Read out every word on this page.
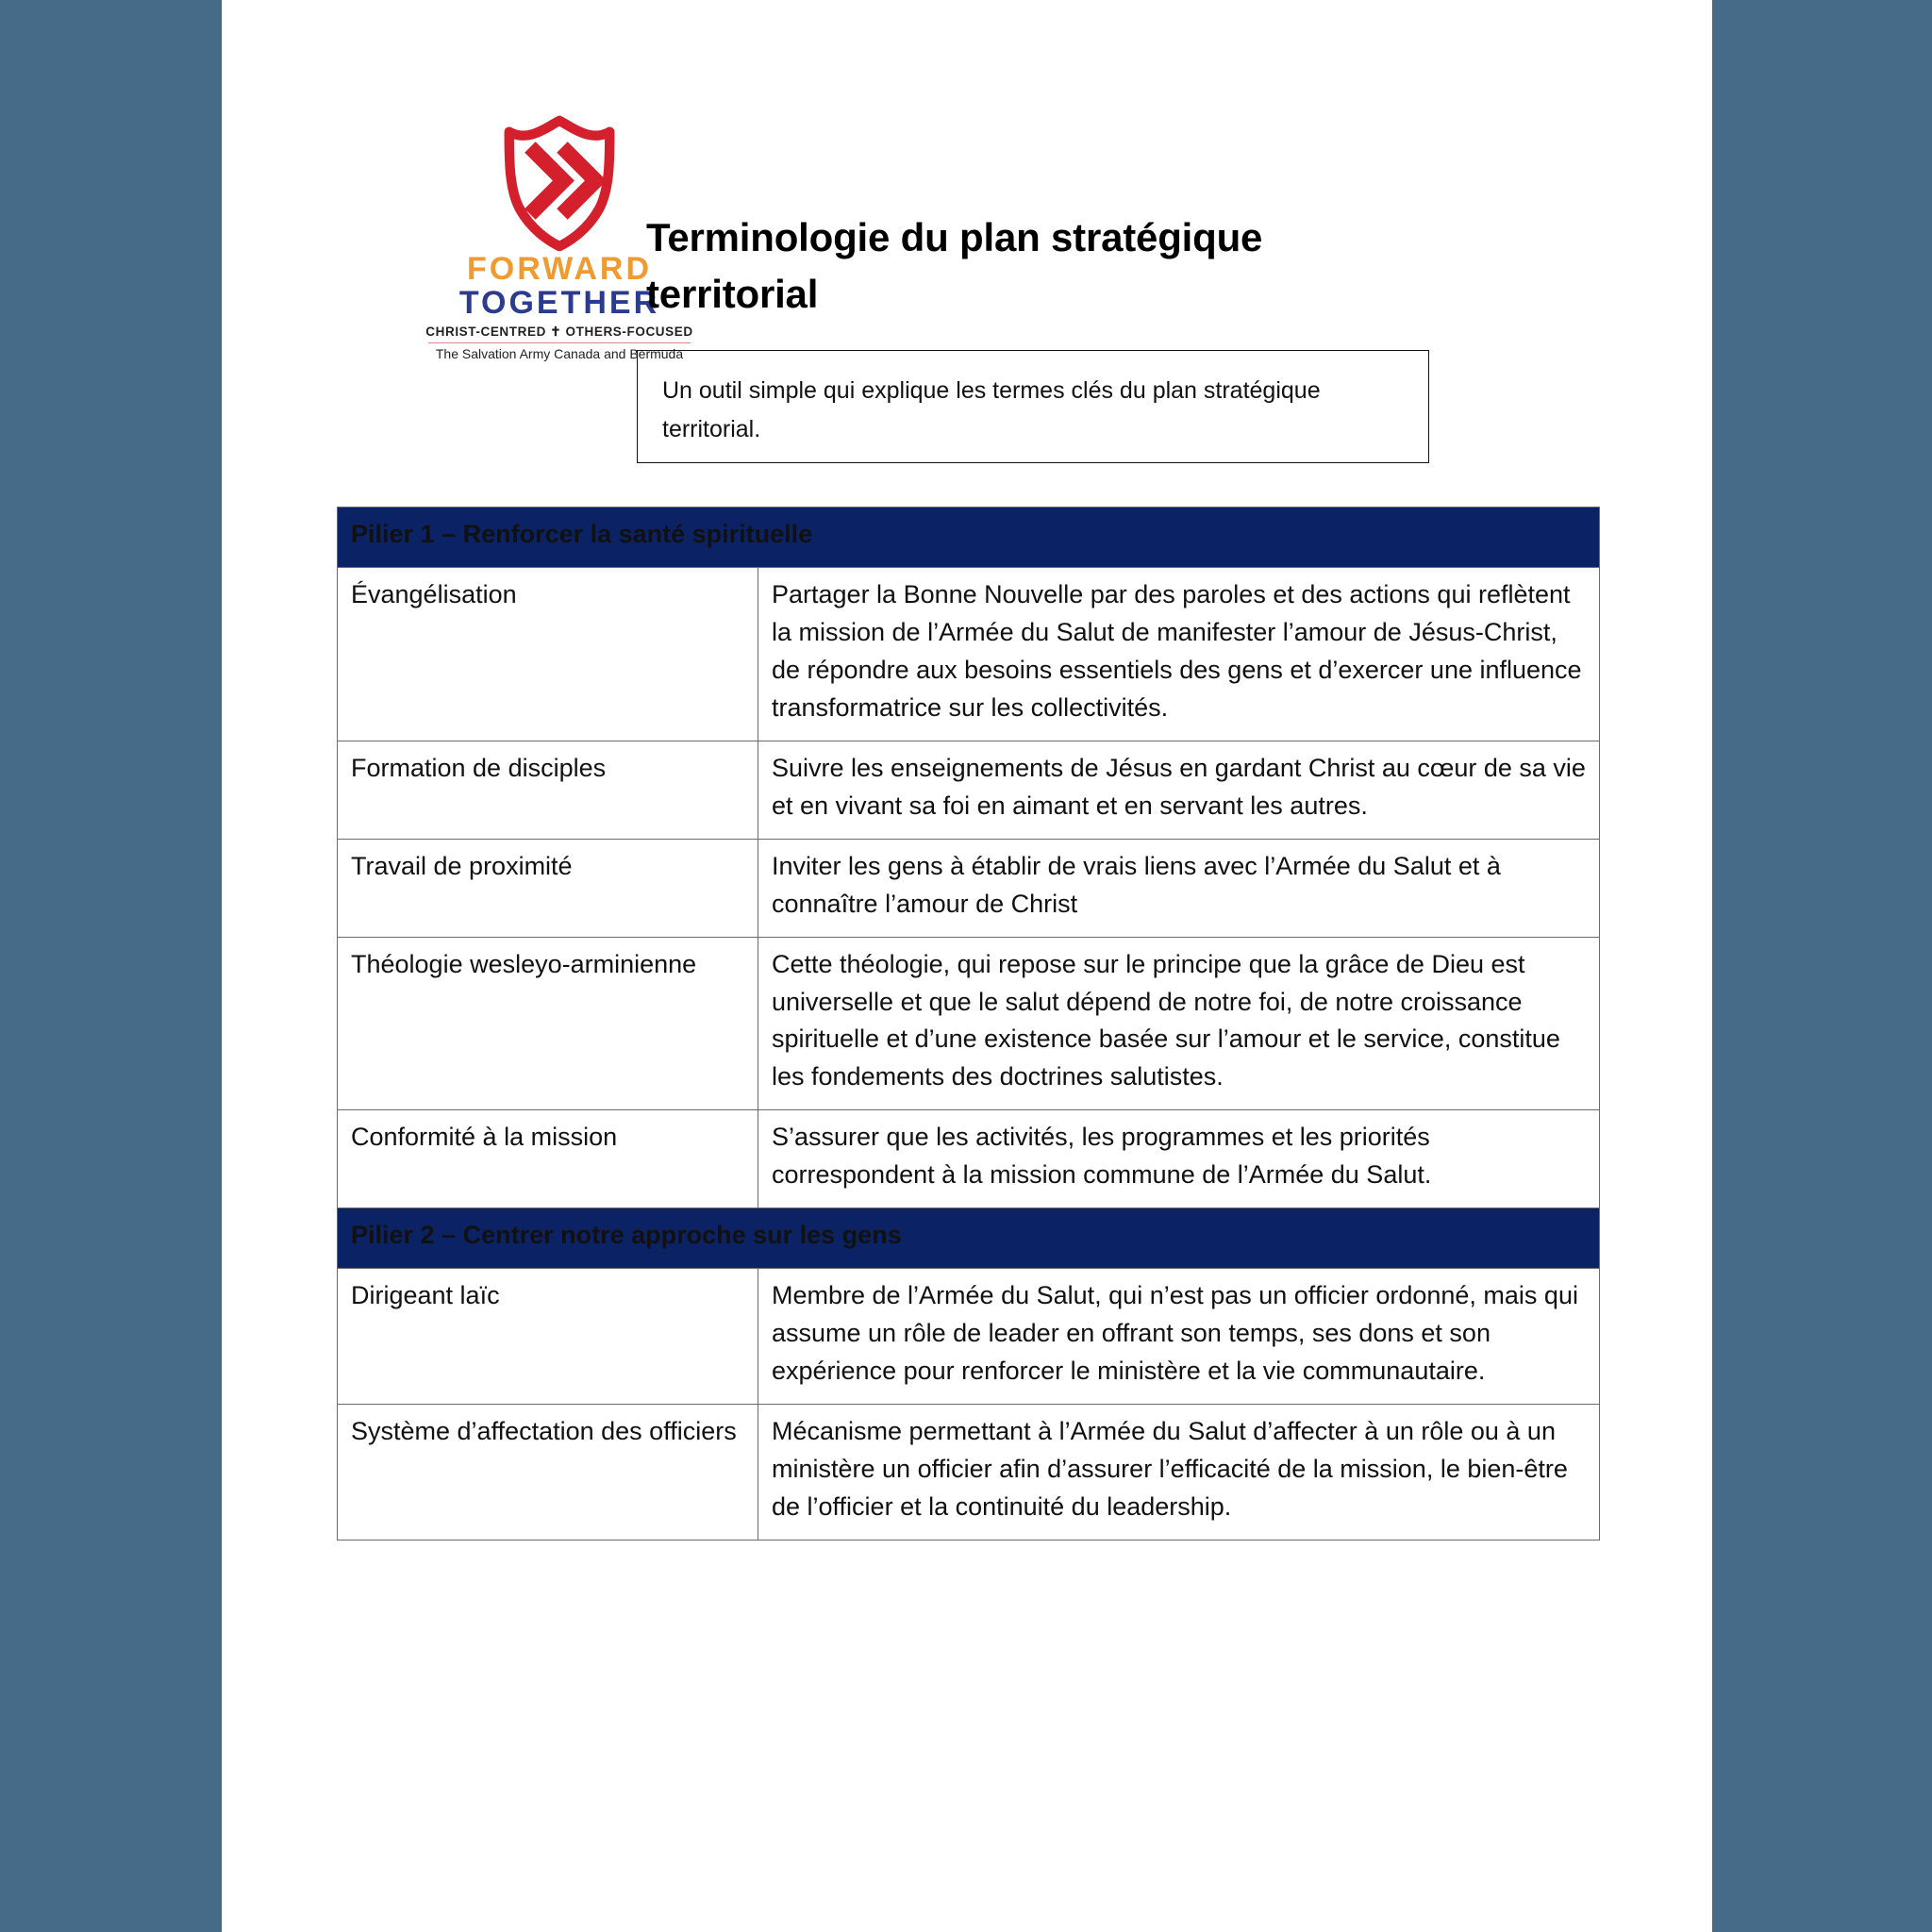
FORWARD
TOGETHER
CHRIST-CENTRED ✝ OTHERS-FOCUSED
The Salvation Army Canada and Bermuda
Terminologie du plan stratégique
territorial

Un outil simple qui explique les termes clés du plan stratégique territorial.

Pilier 1 – Renforcer la santé spirituelle	
Évangélisation	Partager la Bonne Nouvelle par des paroles et des actions qui reflètent la mission de l’Armée du Salut de manifester l’amour de Jésus-Christ, de répondre aux besoins essentiels des gens et d’exercer une influence transformatrice sur les collectivités.
Formation de disciples	Suivre les enseignements de Jésus en gardant Christ au cœur de sa vie et en vivant sa foi en aimant et en servant les autres.
Travail de proximité	Inviter les gens à établir de vrais liens avec l’Armée du Salut et à connaître l’amour de Christ
Théologie wesleyo-arminienne	Cette théologie, qui repose sur le principe que la grâce de Dieu est universelle et que le salut dépend de notre foi, de notre croissance spirituelle et d’une existence basée sur l’amour et le service, constitue les fondements des doctrines salutistes.
Conformité à la mission	S’assurer que les activités, les programmes et les priorités correspondent à la mission commune de l’Armée du Salut.
Pilier 2 – Centrer notre approche sur les gens	
Dirigeant laïc	Membre de l’Armée du Salut, qui n’est pas un officier ordonné, mais qui assume un rôle de leader en offrant son temps, ses dons et son expérience pour renforcer le ministère et la vie communautaire.
Système d’affectation des officiers	Mécanisme permettant à l’Armée du Salut d’affecter à un rôle ou à un ministère un officier afin d’assurer l’efficacité de la mission, le bien-être de l’officier et la continuité du leadership.
